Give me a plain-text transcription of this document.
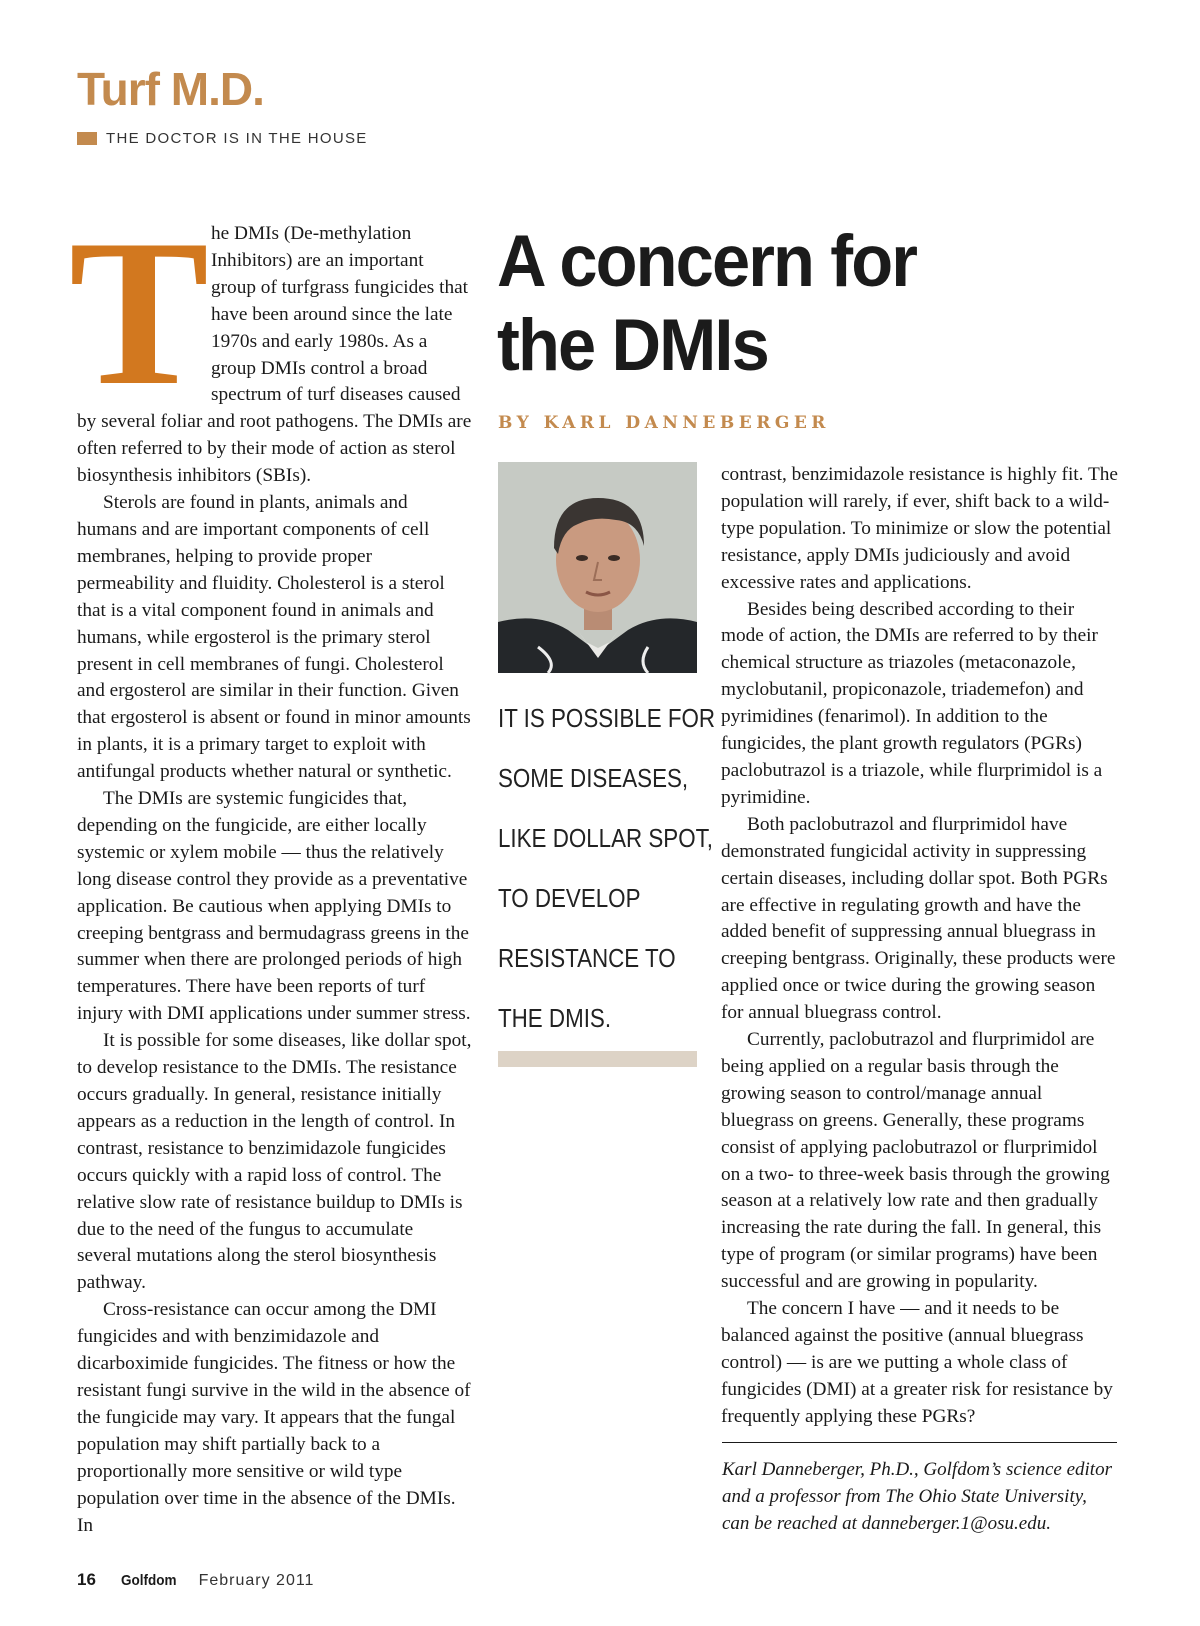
Turf M.D.
THE DOCTOR IS IN THE HOUSE
A concern for the DMIs
BY KARL DANNEBERGER
T he DMIs (De-methylation Inhibitors) are an important group of turfgrass fungicides that have been around since the late 1970s and early 1980s. As a group DMIs control a broad spectrum of turf diseases caused by several foliar and root pathogens. The DMIs are often referred to by their mode of action as sterol biosynthesis inhibitors (SBIs).

Sterols are found in plants, animals and humans and are important components of cell membranes, helping to provide proper permeability and fluidity. Cholesterol is a sterol that is a vital component found in animals and humans, while ergosterol is the primary sterol present in cell membranes of fungi. Cholesterol and ergosterol are similar in their function. Given that ergosterol is absent or found in minor amounts in plants, it is a primary target to exploit with antifungal products whether natural or synthetic.

The DMIs are systemic fungicides that, depending on the fungicide, are either locally systemic or xylem mobile — thus the relatively long disease control they provide as a preventative application. Be cautious when applying DMIs to creeping bentgrass and bermudagrass greens in the summer when there are prolonged periods of high temperatures. There have been reports of turf injury with DMI applications under summer stress.

It is possible for some diseases, like dollar spot, to develop resistance to the DMIs. The resistance occurs gradually. In general, resistance initially appears as a reduction in the length of control. In contrast, resistance to benzimidazole fungicides occurs quickly with a rapid loss of control. The relative slow rate of resistance buildup to DMIs is due to the need of the fungus to accumulate several mutations along the sterol biosynthesis pathway.

Cross-resistance can occur among the DMI fungicides and with benzimidazole and dicarboximide fungicides. The fitness or how the resistant fungi survive in the wild in the absence of the fungicide may vary. It appears that the fungal population may shift partially back to a proportionally more sensitive or wild type population over time in the absence of the DMIs. In

IT IS POSSIBLE FOR
SOME DISEASES,
LIKE DOLLAR SPOT,
TO DEVELOP
RESISTANCE TO
THE DMIS.

contrast, benzimidazole resistance is highly fit. The population will rarely, if ever, shift back to a wild-type population. To minimize or slow the potential resistance, apply DMIs judiciously and avoid excessive rates and applications.

Besides being described according to their mode of action, the DMIs are referred to by their chemical structure as triazoles (metaconazole, myclobutanil, propiconazole, triademefon) and pyrimidines (fenarimol). In addition to the fungicides, the plant growth regulators (PGRs) paclobutrazol is a triazole, while flurprimidol is a pyrimidine.

Both paclobutrazol and flurprimidol have demonstrated fungicidal activity in suppressing certain diseases, including dollar spot. Both PGRs are effective in regulating growth and have the added benefit of suppressing annual bluegrass in creeping bentgrass. Originally, these products were applied once or twice during the growing season for annual bluegrass control.

Currently, paclobutrazol and flurprimidol are being applied on a regular basis through the growing season to control/manage annual bluegrass on greens. Generally, these programs consist of applying paclobutrazol or flurprimidol on a two- to three-week basis through the growing season at a relatively low rate and then gradually increasing the rate during the fall. In general, this type of program (or similar programs) have been successful and are growing in popularity.

The concern I have — and it needs to be balanced against the positive (annual bluegrass control) — is are we putting a whole class of fungicides (DMI) at a greater risk for resistance by frequently applying these PGRs?

Karl Danneberger, Ph.D., Golfdom’s science editor and a professor from The Ohio State University, can be reached at danneberger.1@osu.edu.
16 Golfdom February 2011
